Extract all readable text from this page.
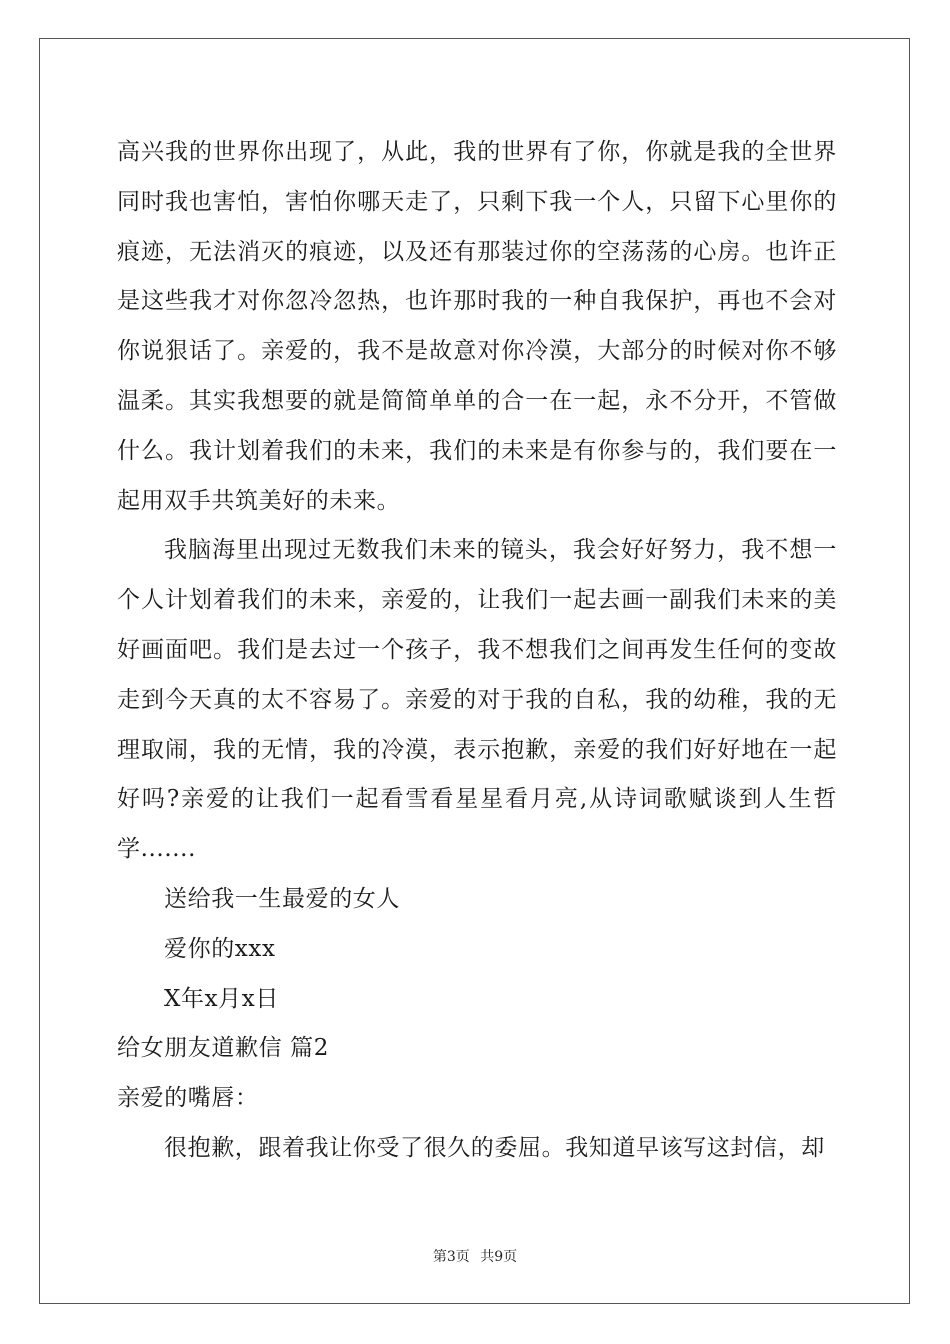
高兴我的世界你出现了，从此，我的世界有了你，你就是我的全世界同时我也害怕，害怕你哪天走了，只剩下我一个人，只留下心里你的痕迹，无法消灭的痕迹，以及还有那装过你的空荡荡的心房。也许正是这些我才对你忽冷忽热，也许那时我的一种自我保护，再也不会对你说狠话了。亲爱的，我不是故意对你冷漠，大部分的时候对你不够温柔。其实我想要的就是简简单单的合一在一起，永不分开，不管做什么。我计划着我们的未来，我们的未来是有你参与的，我们要在一起用双手共筑美好的未来。

我脑海里出现过无数我们未来的镜头，我会好好努力，我不想一个人计划着我们的未来，亲爱的，让我们一起去画一副我们未来的美好画面吧。我们是去过一个孩子，我不想我们之间再发生任何的变故走到今天真的太不容易了。亲爱的对于我的自私，我的幼稚，我的无理取闹，我的无情，我的冷漠，表示抱歉，亲爱的我们好好地在一起好吗?亲爱的让我们一起看雪看星星看月亮,从诗词歌赋谈到人生哲学.......

送给我一生最爱的女人

爱你的xxx

X年x月x日

给女朋友道歉信 篇2

亲爱的嘴唇：

很抱歉，跟着我让你受了很久的委屈。我知道早该写这封信，却

第3页 共9页
